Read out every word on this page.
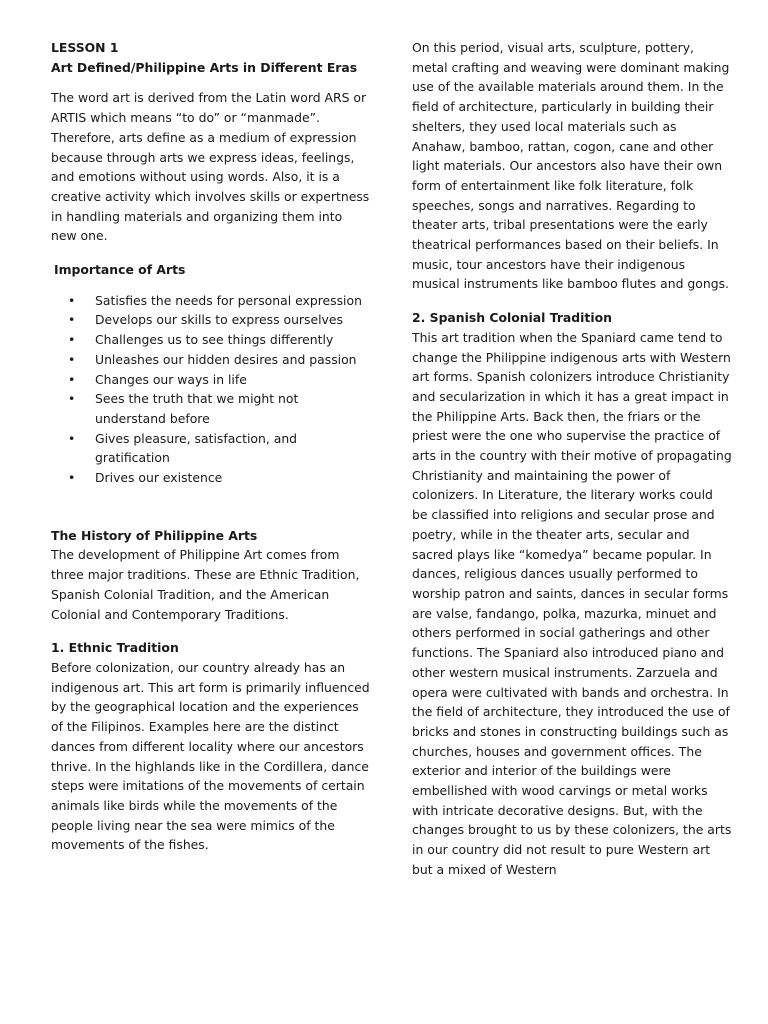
LESSON 1

Art Defined/Philippine Arts in Different Eras

The word art is derived from the Latin word ARS or ARTIS which means “to do” or “manmade”. Therefore, arts define as a medium of expression because through arts we express ideas, feelings, and emotions without using words. Also, it is a creative activity which involves skills or expertness in handling materials and organizing them into new one.

Importance of Arts

• Satisfies the needs for personal expression
• Develops our skills to express ourselves
• Challenges us to see things differently
• Unleashes our hidden desires and passion
• Changes our ways in life
• Sees the truth that we might not understand before
• Gives pleasure, satisfaction, and gratification
• Drives our existence

The History of Philippine Arts

The development of Philippine Art comes from three major traditions. These are Ethnic Tradition, Spanish Colonial Tradition, and the American Colonial and Contemporary Traditions.

1. Ethnic Tradition

Before colonization, our country already has an indigenous art. This art form is primarily influenced by the geographical location and the experiences of the Filipinos. Examples here are the distinct dances from different locality where our ancestors thrive. In the highlands like in the Cordillera, dance steps were imitations of the movements of certain animals like birds while the movements of the people living near the sea were mimics of the movements of the fishes.

On this period, visual arts, sculpture, pottery, metal crafting and weaving were dominant making use of the available materials around them. In the field of architecture, particularly in building their shelters, they used local materials such as Anahaw, bamboo, rattan, cogon, cane and other light materials. Our ancestors also have their own form of entertainment like folk literature, folk speeches, songs and narratives. Regarding to theater arts, tribal presentations were the early theatrical performances based on their beliefs. In music, tour ancestors have their indigenous musical instruments like bamboo flutes and gongs.

2. Spanish Colonial Tradition

This art tradition when the Spaniard came tend to change the Philippine indigenous arts with Western art forms. Spanish colonizers introduce Christianity and secularization in which it has a great impact in the Philippine Arts. Back then, the friars or the priest were the one who supervise the practice of arts in the country with their motive of propagating Christianity and maintaining the power of colonizers. In Literature, the literary works could be classified into religions and secular prose and poetry, while in the theater arts, secular and sacred plays like “komedya” became popular. In dances, religious dances usually performed to worship patron and saints, dances in secular forms are valse, fandango, polka, mazurka, minuet and others performed in social gatherings and other functions. The Spaniard also introduced piano and other western musical instruments. Zarzuela and opera were cultivated with bands and orchestra. In the field of architecture, they introduced the use of bricks and stones in constructing buildings such as churches, houses and government offices. The exterior and interior of the buildings were embellished with wood carvings or metal works with intricate decorative designs. But, with the changes brought to us by these colonizers, the arts in our country did not result to pure Western art but a mixed of Western
